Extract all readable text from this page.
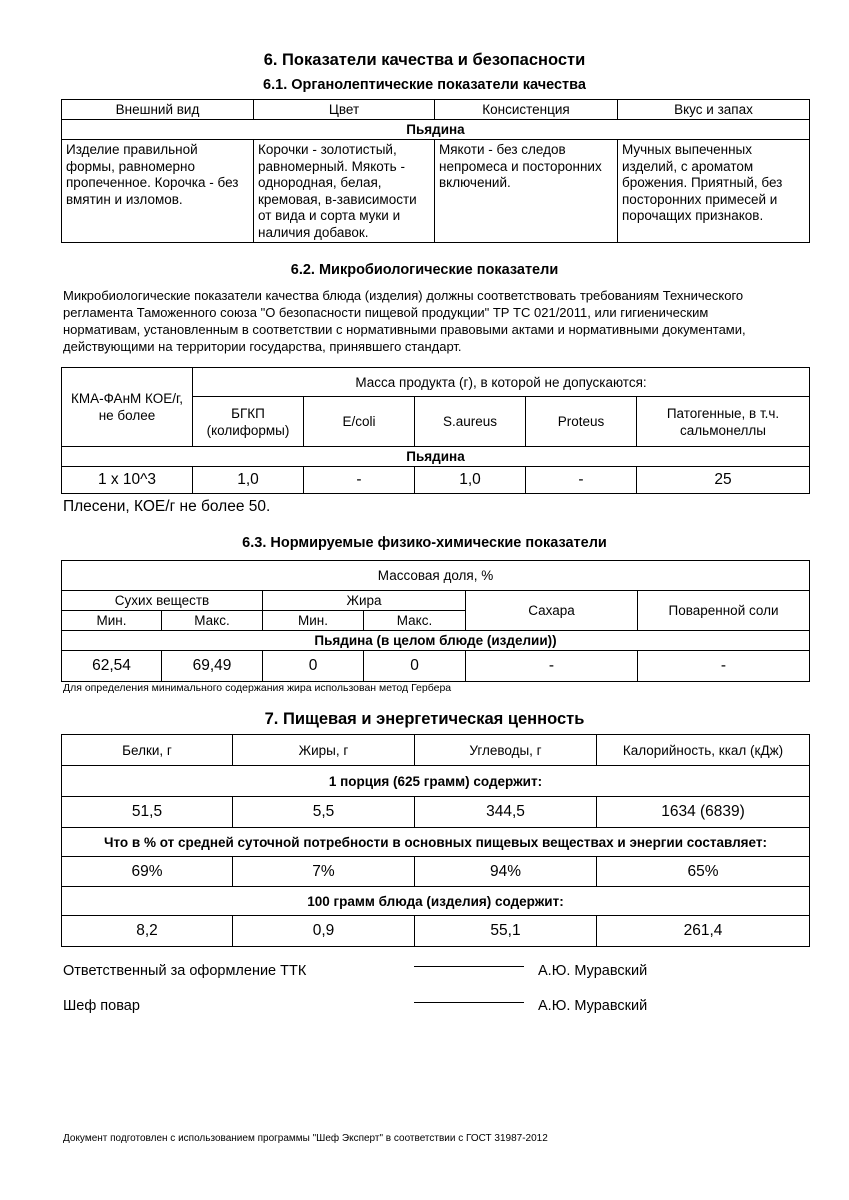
6. Показатели качества и безопасности
6.1. Органолептические показатели качества
Внешний вид	Цвет	Консистенция	Вкус и запах
Пьядина			
Изделие правильной формы, равномерно пропеченное. Корочка - без вмятин и изломов.	Корочки - золотистый, равномерный. Мякоть - однородная, белая, кремовая, в-зависимости от вида и сорта муки и наличия добавок.	Мякоти - без следов непромеса и посторонних включений.	Мучных выпеченных изделий, с ароматом брожения. Приятный, без посторонних примесей и порочащих признаков.
6.2. Микробиологические показатели
Микробиологические показатели качества блюда (изделия) должны соответствовать требованиям Технического регламента Таможенного союза "О безопасности пищевой продукции" ТР ТС 021/2011, или гигиеническим нормативам, установленным в соответствии с нормативными правовыми актами и нормативными документами, действующими на территории государства, принявшего стандарт.
КМА-ФАнМ КОЕ/г, не более	Масса продукта (г), в которой не допускаются:				
	БГКП (колиформы)	E/coli	S.aureus	Proteus	Патогенные, в т.ч. сальмонеллы
Пьядина					
1 х 10^3	1,0	-	1,0	-	25
Плесени, КОЕ/г не более 50.
6.3. Нормируемые физико-химические показатели
Массовая доля, %					
Сухих веществ		Жира		Сахара	Поваренной соли
Мин.	Макс.	Мин.	Макс.		
Пьядина (в целом блюде (изделии))					
62,54	69,49	0	0	-	-
Для определения минимального содержания жира использован метод Гербера
7. Пищевая и энергетическая ценность
Белки, г	Жиры, г	Углеводы, г	Калорийность, ккал (кДж)
1 порция (625 грамм) содержит:			
51,5	5,5	344,5	1634 (6839)
Что в % от средней суточной потребности в основных пищевых веществах и энергии составляет:			
69%	7%	94%	65%
100 грамм блюда (изделия) содержит:			
8,2	0,9	55,1	261,4
Ответственный за оформление ТТК	А.Ю. Муравский
Шеф повар	А.Ю. Муравский
Документ подготовлен с использованием программы "Шеф Эксперт" в соответствии с ГОСТ 31987-2012
